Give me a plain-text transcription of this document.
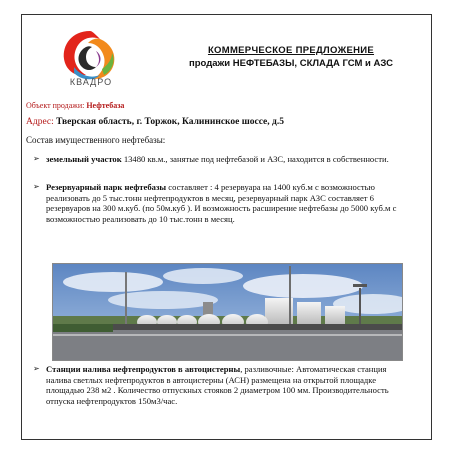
КВАДРО
КОММЕРЧЕСКОЕ ПРЕДЛОЖЕНИЕ
продажи НЕФТЕБАЗЫ, СКЛАДА ГСМ и АЗС
Объект продажи: Нефтебаза
Адрес: Тверская область, г. Торжок, Калининское шоссе, д.5
Состав имущественного нефтебазы:
➢ земельный участок 13480 кв.м., занятые под нефтебазой и АЗС, находится в собственности.
➢ Резервуарный парк нефтебазы составляет : 4 резервуара на 1400 куб.м с возможностью реализовать до 5 тыс.тонн нефтепродуктов в месяц, резервуарный парк АЗС составляет 6 резервуаров на 300 м.куб. (по 50м.куб ). И возможность расширение нефтебазы до 5000 куб.м с возможностью реализовать до 10 тыс.тонн в месяц.
➢ Станции налива нефтепродуктов в автоцистерны, разливочные: Автоматическая станция налива светлых нефтепродуктов в автоцистерны (АСН) размещена на открытой площадке площадью 238 м2 . Количество отпускных стояков 2 диаметром 100 мм. Производительность отпуска нефтепродуктов 150м3/час.
